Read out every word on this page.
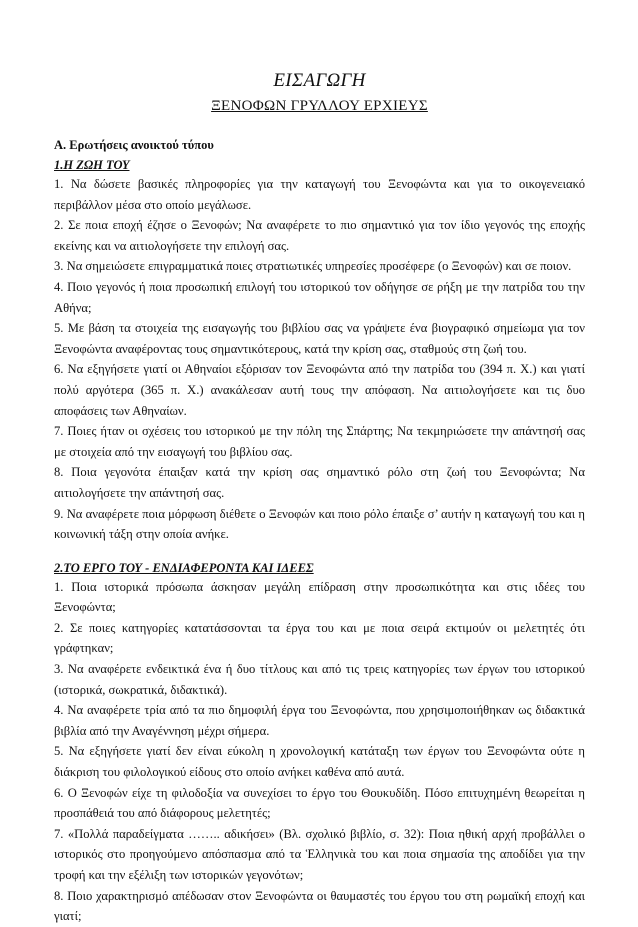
ΕΙΣΑΓΩΓΗ
ΞΕΝΟΦΩΝ ΓΡΥΛΛΟΥ ΕΡΧΙΕΥΣ
Α. Ερωτήσεις ανοικτού τύπου
1.Η ΖΩΗ ΤΟΥ

1. Να δώσετε βασικές πληροφορίες για την καταγωγή του Ξενοφώντα και για το οικογενειακό περιβάλλον μέσα στο οποίο μεγάλωσε.

2. Σε ποια εποχή έζησε ο Ξενοφών; Να αναφέρετε το πιο σημαντικό για τον ίδιο γεγονός της εποχής εκείνης και να αιτιολογήσετε την επιλογή σας.

3. Να σημειώσετε επιγραμματικά ποιες στρατιωτικές υπηρεσίες προσέφερε (ο Ξενοφών) και σε ποιον.

4. Ποιο γεγονός ή ποια προσωπική επιλογή του ιστορικού τον οδήγησε σε ρήξη με την πατρίδα του την Αθήνα;

5. Με βάση τα στοιχεία της εισαγωγής του βιβλίου σας να γράψετε ένα βιογραφικό σημείωμα για τον Ξενοφώντα αναφέροντας τους σημαντικότερους, κατά την κρίση σας, σταθμούς στη ζωή του.

6. Να εξηγήσετε γιατί οι Αθηναίοι εξόρισαν τον Ξενοφώντα από την πατρίδα του (394 π. Χ.) και γιατί πολύ αργότερα (365 π. Χ.) ανακάλεσαν αυτή τους την απόφαση. Να αιτιολογήσετε και τις δυο αποφάσεις των Αθηναίων.

7. Ποιες ήταν οι σχέσεις του ιστορικού με την πόλη της Σπάρτης; Να τεκμηριώσετε την απάντησή σας με στοιχεία από την εισαγωγή του βιβλίου σας.

8. Ποια γεγονότα έπαιξαν κατά την κρίση σας σημαντικό ρόλο στη ζωή του Ξενοφώντα; Να αιτιολογήσετε την απάντησή σας.

9. Να αναφέρετε ποια μόρφωση διέθετε ο Ξενοφών και ποιο ρόλο έπαιξε σ’ αυτήν η καταγωγή του και η κοινωνική τάξη στην οποία ανήκε.

2.ΤΟ ΕΡΓΟ ΤΟΥ - ΕΝΔΙΑΦΕΡΟΝΤΑ ΚΑΙ ΙΔΕΕΣ

1. Ποια ιστορικά πρόσωπα άσκησαν μεγάλη επίδραση στην προσωπικότητα και στις ιδέες του Ξενοφώντα;

2. Σε ποιες κατηγορίες κατατάσσονται τα έργα του και με ποια σειρά εκτιμούν οι μελετητές ότι γράφτηκαν;

3. Να αναφέρετε ενδεικτικά ένα ή δυο τίτλους και από τις τρεις κατηγορίες των έργων του ιστορικού (ιστορικά, σωκρατικά, διδακτικά).

4. Να αναφέρετε τρία από τα πιο δημοφιλή έργα του Ξενοφώντα, που χρησιμοποιήθηκαν ως διδακτικά βιβλία από την Αναγέννηση μέχρι σήμερα.

5. Να εξηγήσετε γιατί δεν είναι εύκολη η χρονολογική κατάταξη των έργων του Ξενοφώντα ούτε η διάκριση του φιλολογικού είδους στο οποίο ανήκει καθένα από αυτά.

6. Ο Ξενοφών είχε τη φιλοδοξία να συνεχίσει το έργο του Θουκυδίδη. Πόσο επιτυχημένη θεωρείται η προσπάθειά του από διάφορους μελετητές;

7. «Πολλά παραδείγματα …….. αδικήσει» (Βλ. σχολικό βιβλίο, σ. 32): Ποια ηθική αρχή προβάλλει ο ιστορικός στο προηγούμενο απόσπασμα από τα Ἑλληνικὰ του και ποια σημασία της αποδίδει για την τροφή και την εξέλιξη των ιστορικών γεγονότων;

8. Ποιο χαρακτηρισμό απέδωσαν στον Ξενοφώντα οι θαυμαστές του έργου του στη ρωμαϊκή εποχή και γιατί;
